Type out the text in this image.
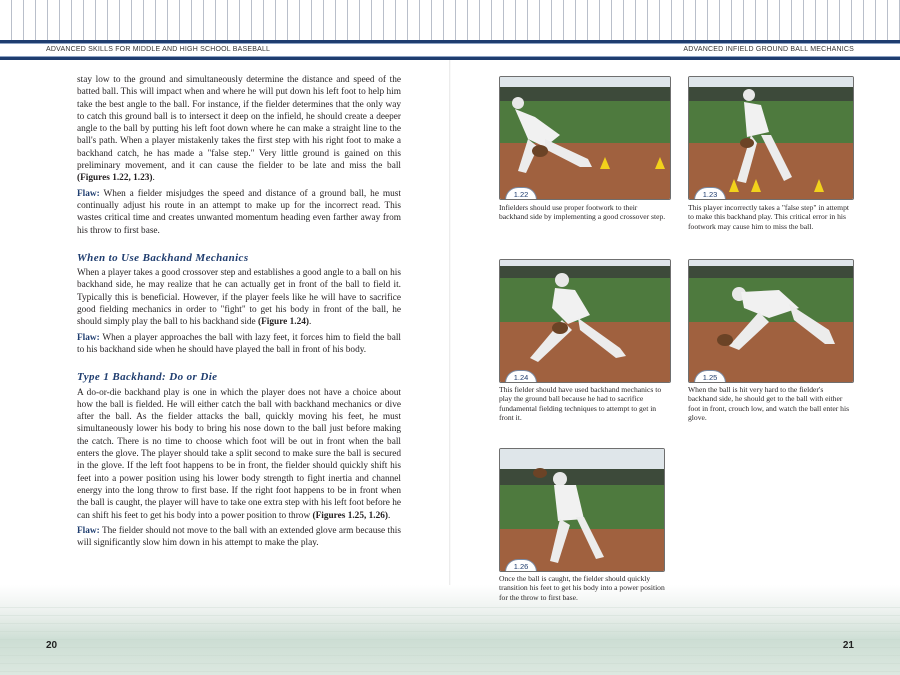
ADVANCED SKILLS FOR MIDDLE AND HIGH SCHOOL BASEBALL	ADVANCED INFIELD GROUND BALL MECHANICS
20	21

stay low to the ground and simultaneously determine the distance and speed of the batted ball. This will impact when and where he will put down his left foot to help him take the best angle to the ball. For instance, if the fielder determines that the only way to catch this ground ball is to intersect it deep on the infield, he should create a deeper angle to the ball by putting his left foot down where he can make a straight line to the ball's path. When a player mistakenly takes the first step with his right foot to make a backhand catch, he has made a "false step." Very little ground is gained on this preliminary movement, and it can cause the fielder to be late and miss the ball (Figures 1.22, 1.23).

Flaw: When a fielder misjudges the speed and distance of a ground ball, he must continually adjust his route in an attempt to make up for the incorrect read. This wastes critical time and creates unwanted momentum heading even farther away from his throw to first base.

When to Use Backhand Mechanics

When a player takes a good crossover step and establishes a good angle to a ball on his backhand side, he may realize that he can actually get in front of the ball to field it. Typically this is beneficial. However, if the player feels like he will have to sacrifice good fielding mechanics in order to "fight" to get his body in front of the ball, he should simply play the ball to his backhand side (Figure 1.24).

Flaw: When a player approaches the ball with lazy feet, it forces him to field the ball to his backhand side when he should have played the ball in front of his body.

Type 1 Backhand: Do or Die

A do-or-die backhand play is one in which the player does not have a choice about how the ball is fielded. He will either catch the ball with backhand mechanics or dive after the ball. As the fielder attacks the ball, quickly moving his feet, he must simultaneously lower his body to bring his nose down to the ball just before making the catch. There is no time to choose which foot will be out in front when the ball enters the glove. The player should take a split second to make sure the ball is secured in the glove. If the left foot happens to be in front, the fielder should quickly shift his feet into a power position using his lower body strength to fight inertia and channel energy into the long throw to first base. If the right foot happens to be in front when the ball is caught, the player will have to take one extra step with his left foot before he can shift his feet to get his body into a power position to throw (Figures 1.25, 1.26).

Flaw: The fielder should not move to the ball with an extended glove arm because this will significantly slow him down in his attempt to make the play.

1.22
Infielders should use proper footwork to their backhand side by implementing a good crossover step.
1.23
This player incorrectly takes a "false step" in attempt to make this backhand play. This critical error in his footwork may cause him to miss the ball.
1.24
This fielder should have used backhand mechanics to play the ground ball because he had to sacrifice fundamental fielding techniques to attempt to get in front it.
1.25
When the ball is hit very hard to the fielder's backhand side, he should get to the ball with either foot in front, crouch low, and watch the ball enter his glove.
1.26
Once the ball is caught, the fielder should quickly transition his feet to get his body into a power position for the throw to first base.
